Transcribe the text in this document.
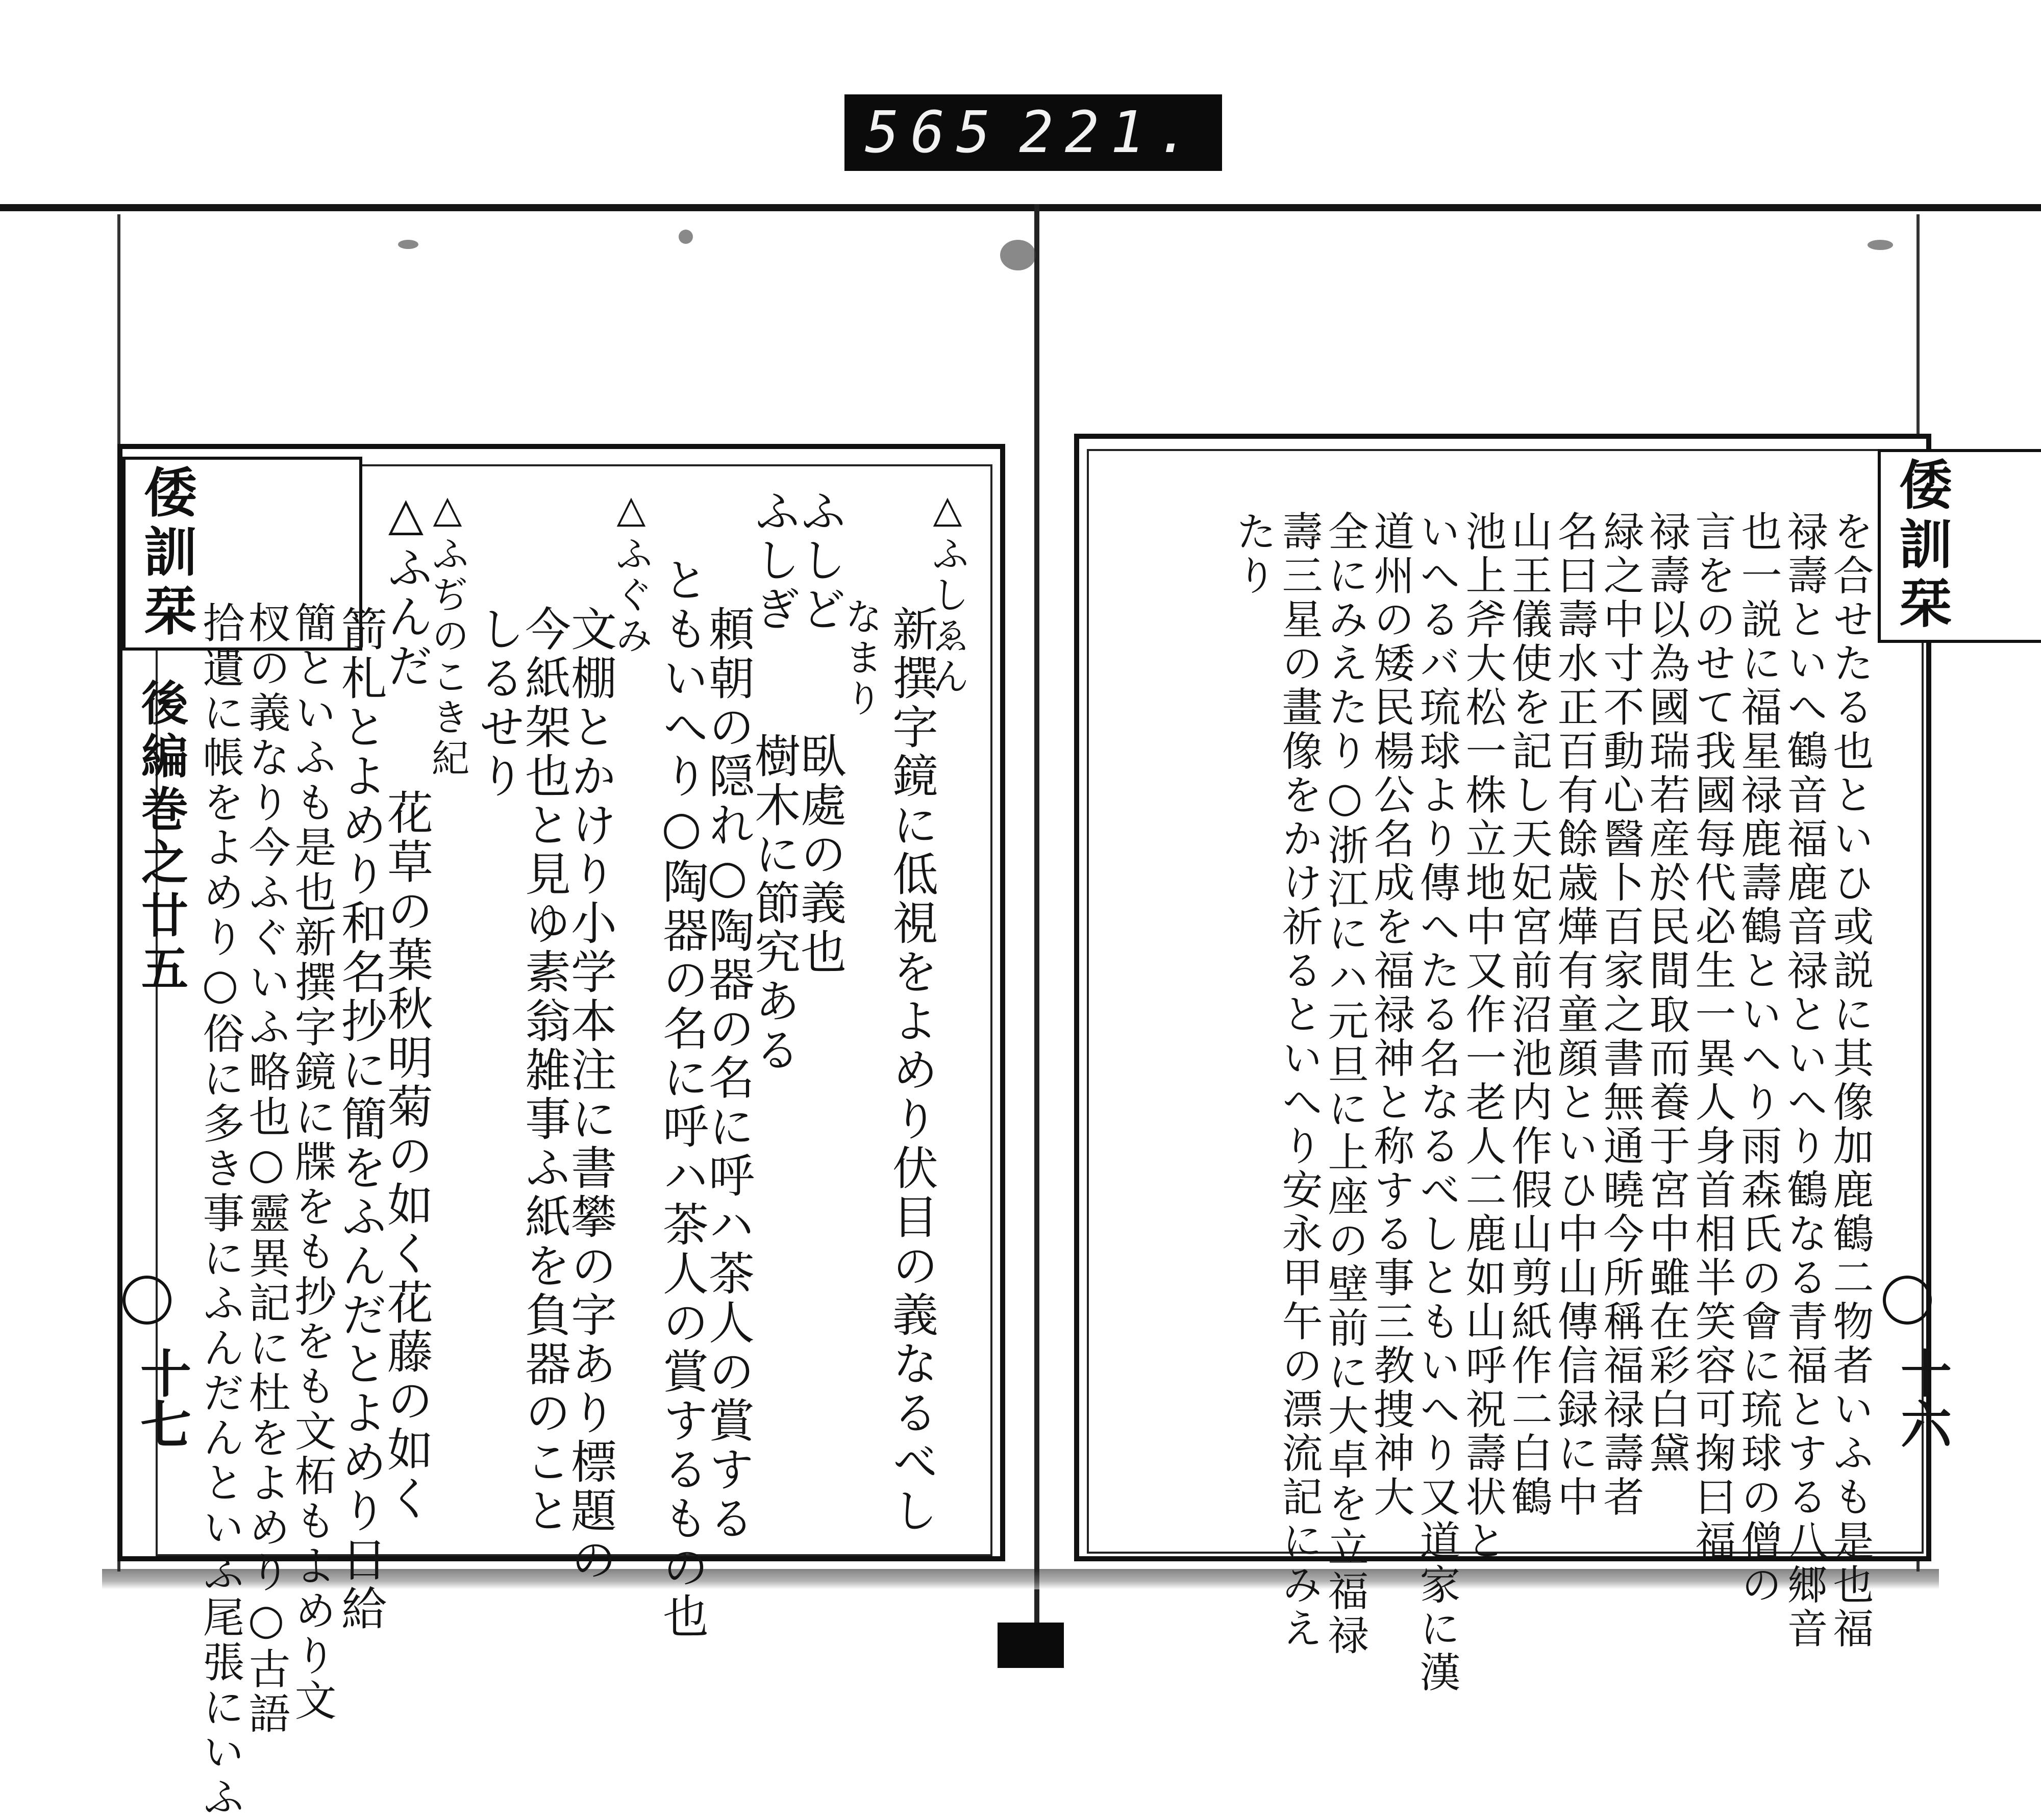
565 221.
倭訓栞
後編巻之廿五
十七
△ふしゑん
　新撰字鏡に低視をよめり伏目の義なるべし
　なまり
ふしど　　臥處の義也
ふしぎ　　樹木に節究ある
　頼朝の隠れ○陶器の名に呼ハ茶人の賞する
ともいへり○陶器の名に呼ハ茶人の賞するもの也
△ふぐみ
　文棚とかけり小学本注に書攀の字あり標題の
　今紙架也と見ゆ素翁雑事ふ紙を負器のこと
　しるせり
△ふぢのこき紀
△ふんだ　　花草の葉秋明菊の如く花藤の如く
　箭札とよめり和名抄に簡をふんだとよめり日給
　簡といふも是也新撰字鏡に牒をも抄をも文柘もよめり文
　杈の義なり今ふぐいふ略也○靈異記に杜をよめり○古語
　拾遺に帳をよめり○俗に多き事にふんだんといふ尾張にいふ
倭訓栞
十六
を合せたる也といひ或説に其像加鹿鶴二物者いふも是也福
禄壽といへ鶴音福鹿音禄といへり鶴なる青福とする八郷音
也一説に福星禄鹿壽鶴といへり雨森氏の會に琉球の僧の
言をのせて我國每代必生一異人身首相半笑容可掬曰福
禄壽以為國瑞若産於民間取而養于宮中雖在彩白黛
緑之中寸不動心醫卜百家之書無通曉今所稱福禄壽者
名曰壽水正百有餘歳燁有童顔といひ中山傳信録に中
山王儀使を記し天妃宮前沼池内作假山剪紙作二白鶴
池上斧大松一株立地中又作一老人二鹿如山呼祝壽状と
いへるバ琉球より傳へたる名なるべしともいへり又道家に漢
道州の矮民楊公名成を福禄神と称する事三教捜神大
全にみえたり○浙江にハ元旦に上座の壁前に大卓を立福禄
壽三星の畫像をかけ祈るといへり安永甲午の漂流記にみえ
たり
